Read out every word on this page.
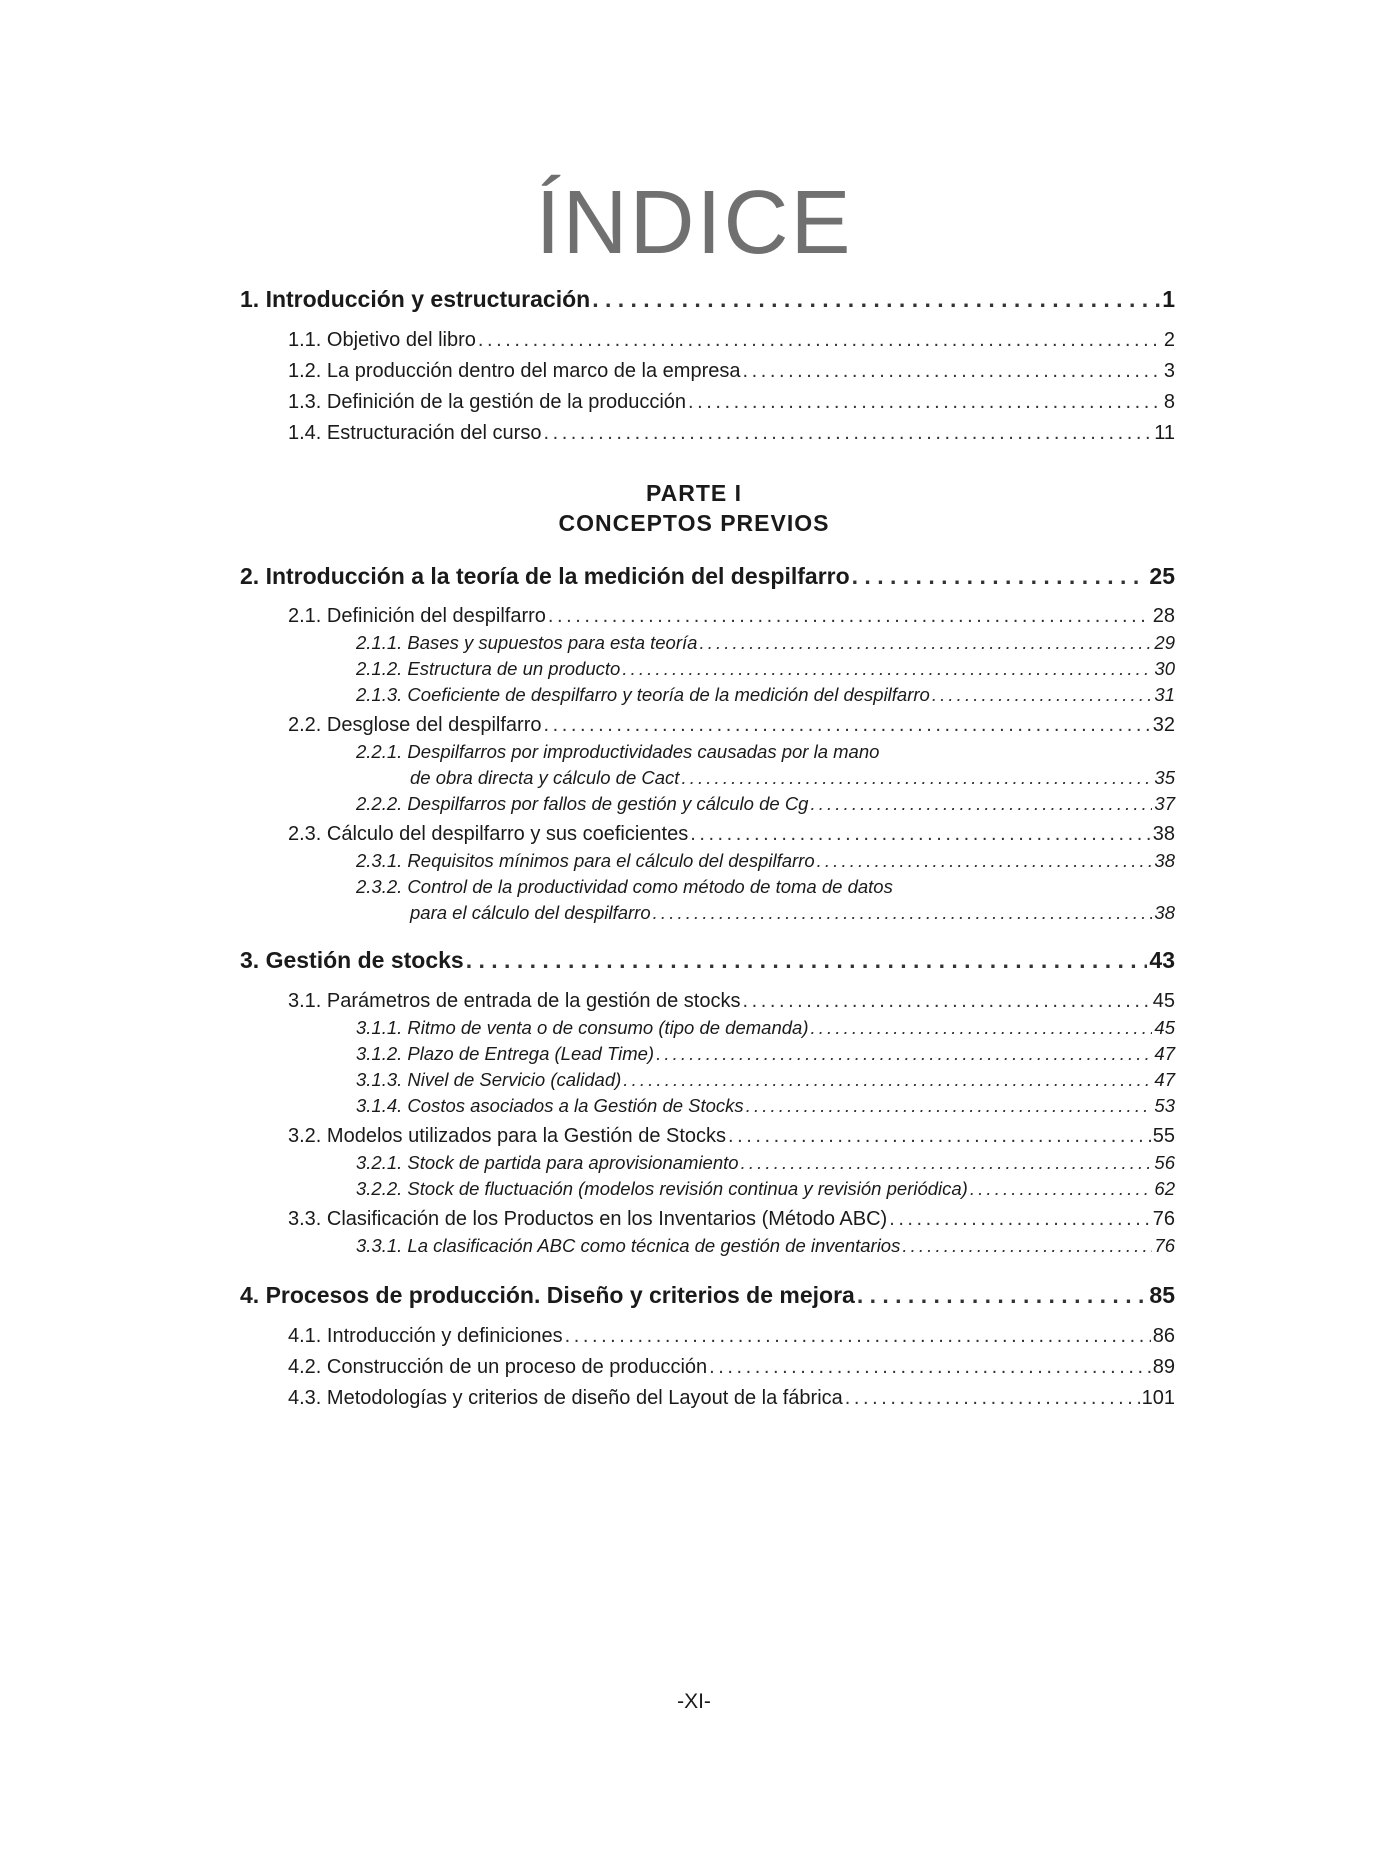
ÍNDICE
1. Introducción y estructuración . . .	1
1.1. Objetivo del libro . . .	2
1.2. La producción dentro del marco de la empresa . . .	3
1.3. Definición de la gestión de la producción . . .	8
1.4. Estructuración del curso . . .	11
2. Introducción a la teoría de la medición del despilfarro . . .	25
2.1. Definición del despilfarro . . .	28
2.1.1. Bases y supuestos para esta teoría . . .	29
2.1.2. Estructura de un producto . . .	30
2.1.3. Coeficiente de despilfarro y teoría de la medición del despilfarro . . .	31
2.2. Desglose del despilfarro . . .	32
2.2.1. Despilfarros por improductividades causadas por la mano
de obra directa y cálculo de Cact . . .	35
2.2.2. Despilfarros por fallos de gestión y cálculo de Cg . . .	37
2.3. Cálculo del despilfarro y sus coeficientes . . .	38
2.3.1. Requisitos mínimos para el cálculo del despilfarro . . .	38
2.3.2. Control de la productividad como método de toma de datos
para el cálculo del despilfarro . . .	38
3. Gestión de stocks . . .	43
3.1. Parámetros de entrada de la gestión de stocks . . .	45
3.1.1. Ritmo de venta o de consumo (tipo de demanda) . . .	45
3.1.2. Plazo de Entrega (Lead Time) . . .	47
3.1.3. Nivel de Servicio (calidad) . . .	47
3.1.4. Costos asociados a la Gestión de Stocks . . .	53
3.2. Modelos utilizados para la Gestión de Stocks . . .	55
3.2.1. Stock de partida para aprovisionamiento . . .	56
3.2.2. Stock de fluctuación (modelos revisión continua y revisión periódica) . . .	62
3.3. Clasificación de los Productos en los Inventarios (Método ABC) . . .	76
3.3.1. La clasificación ABC como técnica de gestión de inventarios . . .	76
4. Procesos de producción. Diseño y criterios de mejora . . .	85
4.1. Introducción y definiciones . . .	86
4.2. Construcción de un proceso de producción . . .	89
4.3. Metodologías y criterios de diseño del Layout de la fábrica . . .	101
PARTE I
CONCEPTOS PREVIOS
-XI-
